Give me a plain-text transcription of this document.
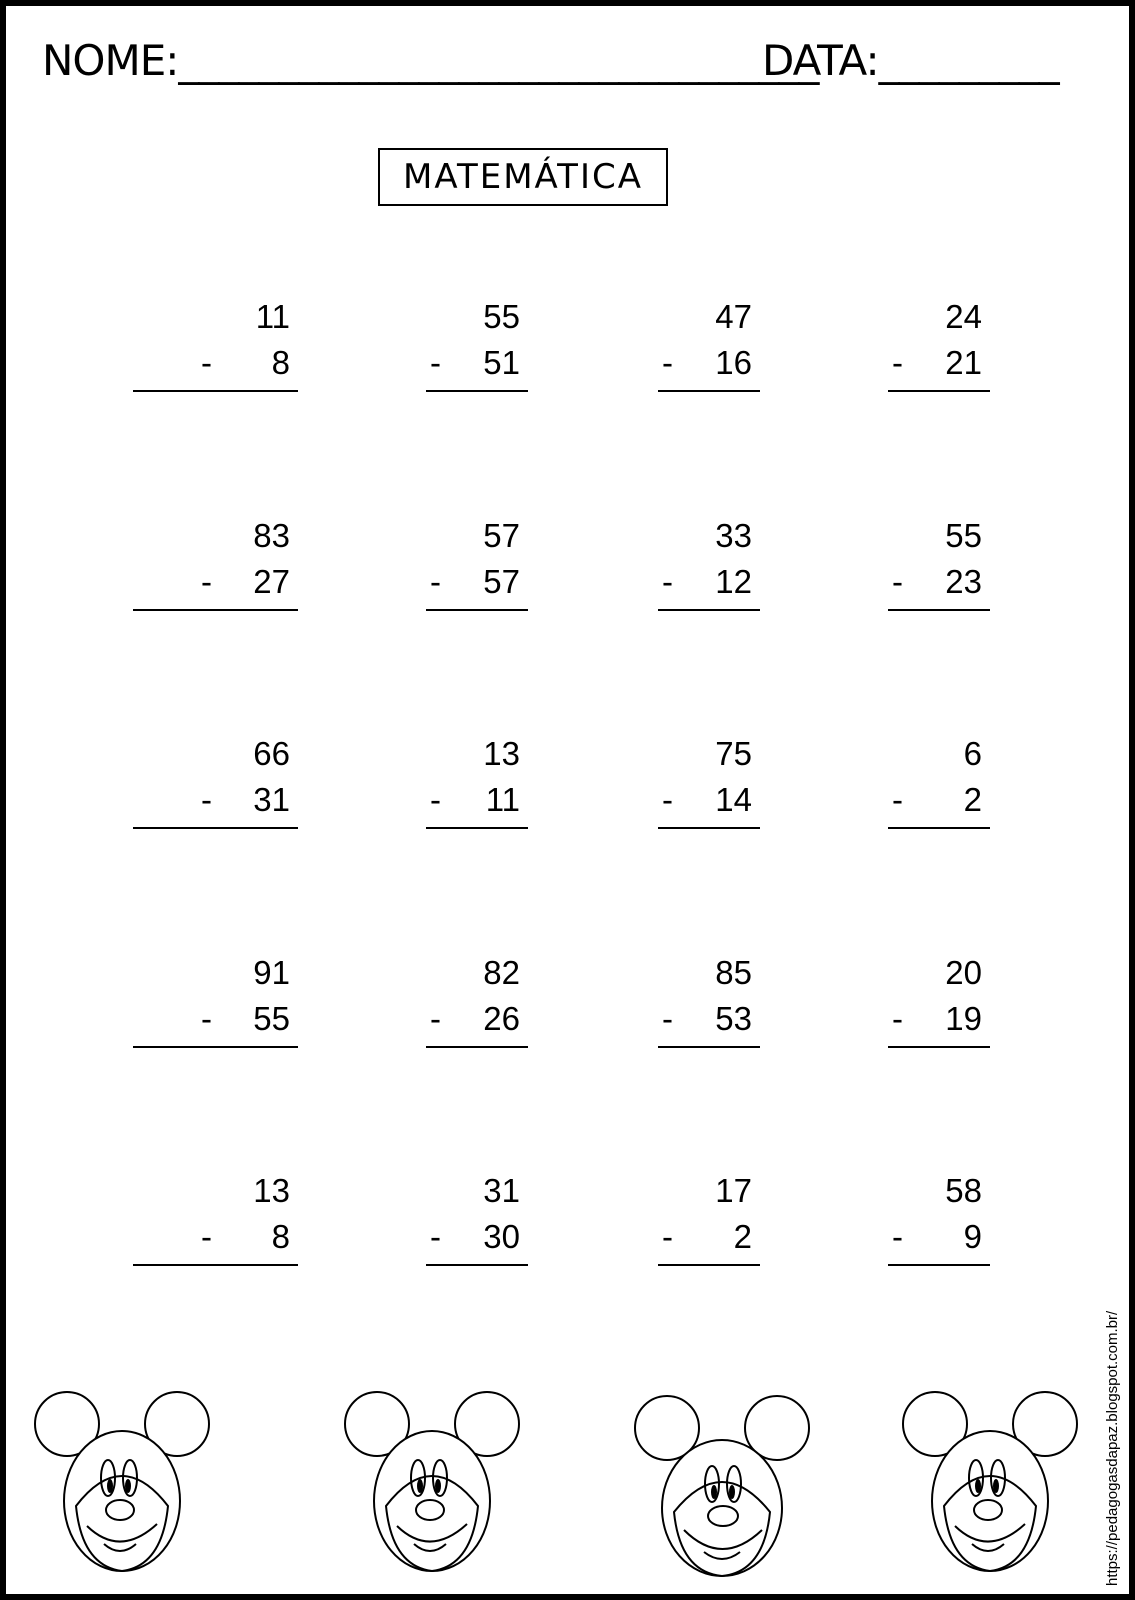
NOME:________________________________
DATA:_________
MATEMÁTICA
11
- 8
55
- 51
47
- 16
24
- 21
83
- 27
57
- 57
33
- 12
55
- 23
66
- 31
13
- 11
75
- 14
6
- 2
91
- 55
82
- 26
85
- 53
20
- 19
13
- 8
31
- 30
17
- 2
58
- 9
https://pedagogasdapaz.blogspot.com.br/
